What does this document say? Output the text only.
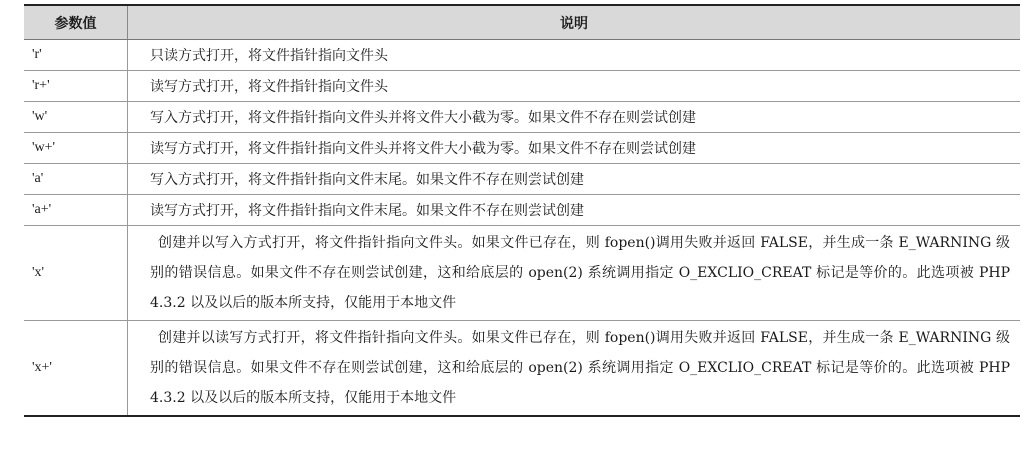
参数值	说明
'r'	只读方式打开，将文件指针指向文件头
'r+'	读写方式打开，将文件指针指向文件头
'w'	写入方式打开，将文件指针指向文件头并将文件大小截为零。如果文件不存在则尝试创建
'w+'	读写方式打开，将文件指针指向文件头并将文件大小截为零。如果文件不存在则尝试创建
'a'	写入方式打开，将文件指针指向文件末尾。如果文件不存在则尝试创建
'a+'	读写方式打开，将文件指针指向文件末尾。如果文件不存在则尝试创建
'x'	创建并以写入方式打开，将文件指针指向文件头。如果文件已存在，则 fopen()调用失败并返回 FALSE，并生成一条 E_WARNING 级别的错误信息。如果文件不存在则尝试创建，这和给底层的 open(2) 系统调用指定 O_EXCLIO_CREAT 标记是等价的。此选项被 PHP 4.3.2 以及以后的版本所支持，仅能用于本地文件
'x+'	创建并以读写方式打开，将文件指针指向文件头。如果文件已存在，则 fopen()调用失败并返回 FALSE，并生成一条 E_WARNING 级别的错误信息。如果文件不存在则尝试创建，这和给底层的 open(2) 系统调用指定 O_EXCLIO_CREAT 标记是等价的。此选项被 PHP 4.3.2 以及以后的版本所支持，仅能用于本地文件
